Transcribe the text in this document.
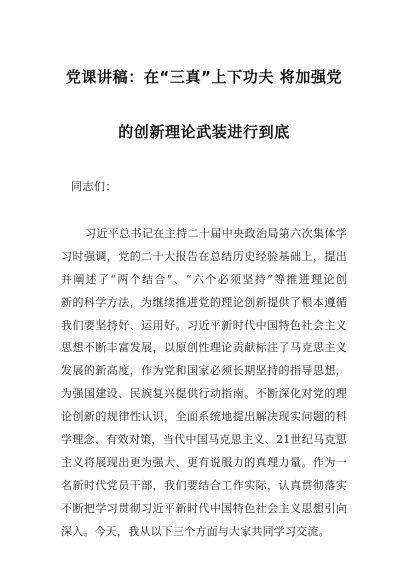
党课讲稿：在“三真”上下功夫 将加强党
的创新理论武装进行到底
同志们：
习近平总书记在主持二十届中央政治局第六次集体学
习时强调，党的二十大报告在总结历史经验基础上，提出
并阐述了“两个结合”、“六个必须坚持”等推进理论创
新的科学方法，为继续推进党的理论创新提供了根本遵循
我们要坚持好、运用好。习近平新时代中国特色社会主义
思想不断丰富发展，以原创性理论贡献标注了马克思主义
发展的新高度，作为党和国家必须长期坚持的指导思想，
为强国建设、民族复兴提供行动指南。不断深化对党的理
论创新的规律性认识，全面系统地提出解决现实问题的科
学理念、有效对策，当代中国马克思主义、21世纪马克思
主义将展现出更为强大、更有说服力的真理力量。作为一
名新时代党员干部，我们要结合工作实际，认真贯彻落实
不断把学习贯彻习近平新时代中国特色社会主义思想引向
深入。今天，我从以下三个方面与大家共同学习交流。
